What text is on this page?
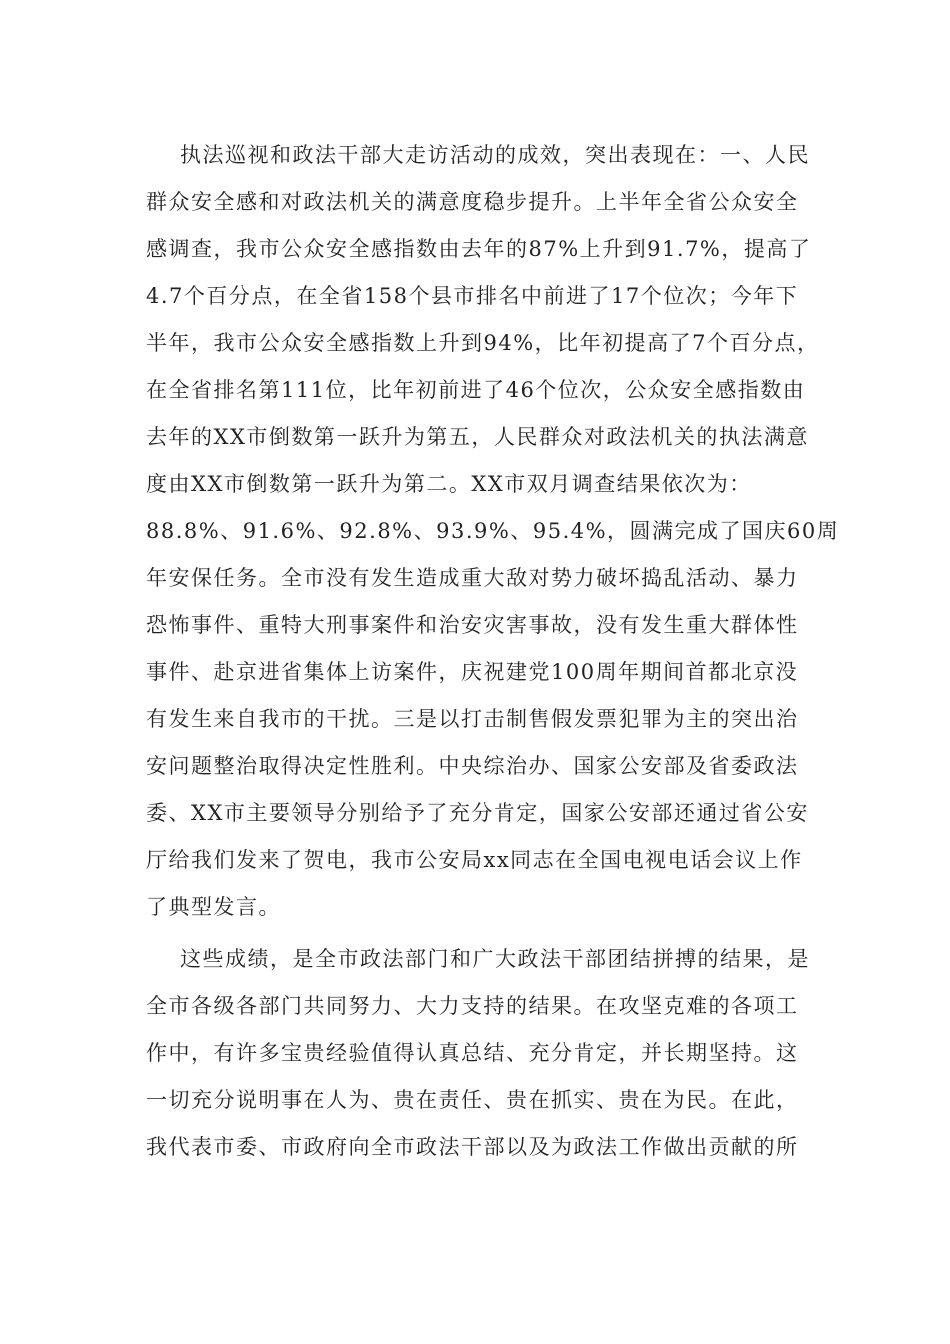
执法巡视和政法干部大走访活动的成效，突出表现在：一、人民
群众安全感和对政法机关的满意度稳步提升。上半年全省公众安全
感调查，我市公众安全感指数由去年的87%上升到91.7%，提高了
4.7个百分点，在全省158个县市排名中前进了17个位次；今年下
半年，我市公众安全感指数上升到94%，比年初提高了7个百分点，
在全省排名第111位，比年初前进了46个位次，公众安全感指数由
去年的XX市倒数第一跃升为第五，人民群众对政法机关的执法满意
度由XX市倒数第一跃升为第二。XX市双月调查结果依次为：
88.8%、91.6%、92.8%、93.9%、95.4%，圆满完成了国庆60周
年安保任务。全市没有发生造成重大敌对势力破坏捣乱活动、暴力
恐怖事件、重特大刑事案件和治安灾害事故，没有发生重大群体性
事件、赴京进省集体上访案件，庆祝建党100周年期间首都北京没
有发生来自我市的干扰。三是以打击制售假发票犯罪为主的突出治
安问题整治取得决定性胜利。中央综治办、国家公安部及省委政法
委、XX市主要领导分别给予了充分肯定，国家公安部还通过省公安
厅给我们发来了贺电，我市公安局xx同志在全国电视电话会议上作
了典型发言。
这些成绩，是全市政法部门和广大政法干部团结拼搏的结果，是
全市各级各部门共同努力、大力支持的结果。在攻坚克难的各项工
作中，有许多宝贵经验值得认真总结、充分肯定，并长期坚持。这
一切充分说明事在人为、贵在责任、贵在抓实、贵在为民。在此，
我代表市委、市政府向全市政法干部以及为政法工作做出贡献的所
